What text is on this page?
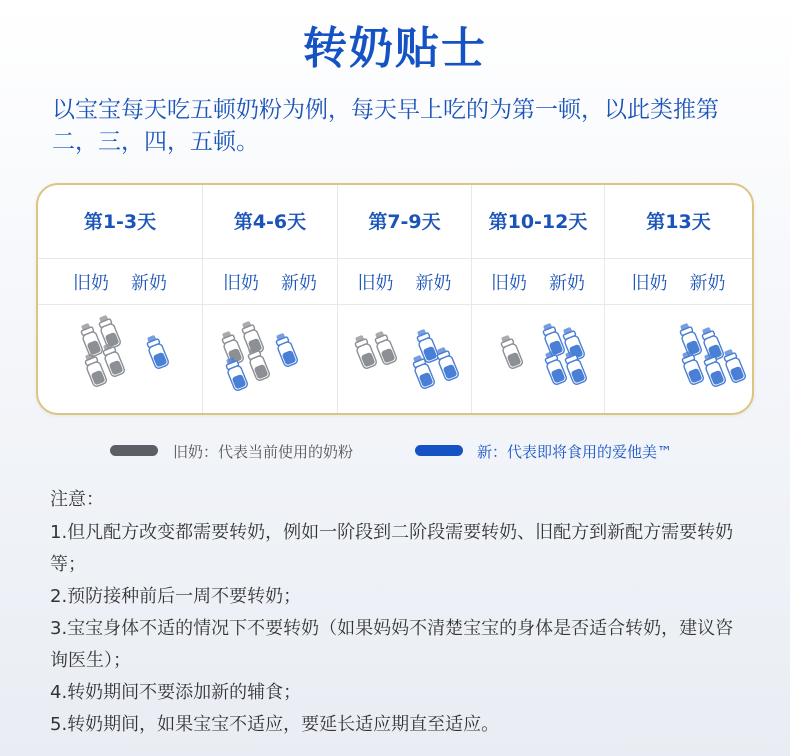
转奶贴士
以宝宝每天吃五顿奶粉为例，每天早上吃的为第一顿，以此类推第二，三，四，五顿。
第1-3天
旧奶 新奶
第4-6天
旧奶 新奶
第7-9天
旧奶 新奶
第10-12天
旧奶 新奶
第13天
旧奶 新奶
旧奶：代表当前使用的奶粉	新：代表即将食用的爱他美™
注意：
1.但凡配方改变都需要转奶，例如一阶段到二阶段需要转奶、旧配方到新配方需要转奶等；
2.预防接种前后一周不要转奶；
3.宝宝身体不适的情况下不要转奶（如果妈妈不清楚宝宝的身体是否适合转奶，建议咨询医生）；
4.转奶期间不要添加新的辅食；
5.转奶期间，如果宝宝不适应，要延长适应期直至适应。
